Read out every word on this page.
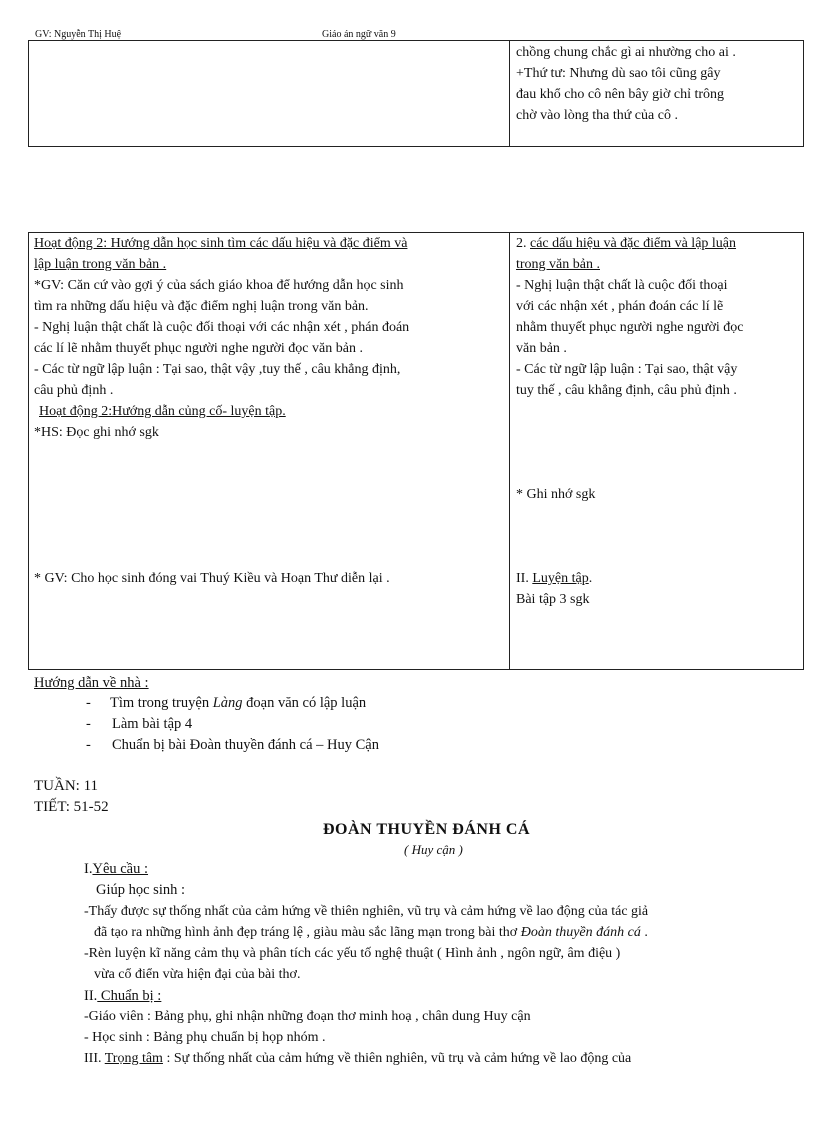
GV: Nguyễn Thị Huệ	Giáo án ngữ văn 9
chồng chung chắc gì ai nhường cho ai .
+Thứ tư: Nhưng dù sao tôi cũng gây
đau khổ cho cô nên bây giờ chỉ trông
chờ vào lòng tha thứ của cô .
Hoạt động 2: Hướng dẫn học sinh tìm các dấu hiệu và đặc điểm và
lập luận trong văn bản .
*GV: Căn cứ vào gợi ý của sách giáo khoa để hướng dẫn học sinh
tìm ra những dấu hiệu và đặc điểm nghị luận trong văn bản.
- Nghị luận thật chất là cuộc đối thoại với các nhận xét , phán đoán
các lí lẽ nhằm thuyết phục người nghe người đọc văn bản .
- Các từ ngữ lập luận : Tại sao, thật vậy ,tuy thế , câu khẳng định,
câu phủ định .
Hoạt động 2:Hướng dẫn củng cố- luyện tập.
*HS: Đọc ghi nhớ sgk
* GV: Cho học sinh đóng vai Thuý Kiều và Hoạn Thư diễn lại .
2. các dấu hiệu và đặc điểm và lập luận
trong văn bản .
- Nghị luận thật chất là cuộc đối thoại
với các nhận xét , phán đoán các lí lẽ
nhằm thuyết phục người nghe người đọc
văn bản .
- Các từ ngữ lập luận : Tại sao, thật vậy
tuy thế , câu khẳng định, câu phủ định .
* Ghi nhớ sgk
II. Luyện tập.
Bài tập 3 sgk
Hướng dẫn về nhà :
- Tìm trong truyện Làng đoạn văn có lập luận
- Làm bài tập 4
- Chuẩn bị bài Đoàn thuyền đánh cá – Huy Cận
TUẦN: 11
TIẾT: 51-52
ĐOÀN THUYỀN ĐÁNH CÁ
( Huy cận )
I.Yêu cầu :
Giúp học sinh :
-Thấy được sự thống nhất của cảm hứng về thiên nghiên, vũ trụ và cảm hứng về lao động của tác giả
đã tạo ra những hình ảnh đẹp tráng lệ , giàu màu sắc lãng mạn trong bài thơ Đoàn thuyền đánh cá .
-Rèn luyện kĩ năng cảm thụ và phân tích các yếu tố nghệ thuật ( Hình ảnh , ngôn ngữ, âm điệu )
vừa cổ điển vừa hiện đại của bài thơ.
II. Chuẩn bị :
-Giáo viên : Bảng phụ, ghi nhận những đoạn thơ minh hoạ , chân dung Huy cận
- Học sinh : Bảng phụ chuẩn bị họp nhóm .
III. Trọng tâm : Sự thống nhất của cảm hứng về thiên nghiên, vũ trụ và cảm hứng về lao động của
